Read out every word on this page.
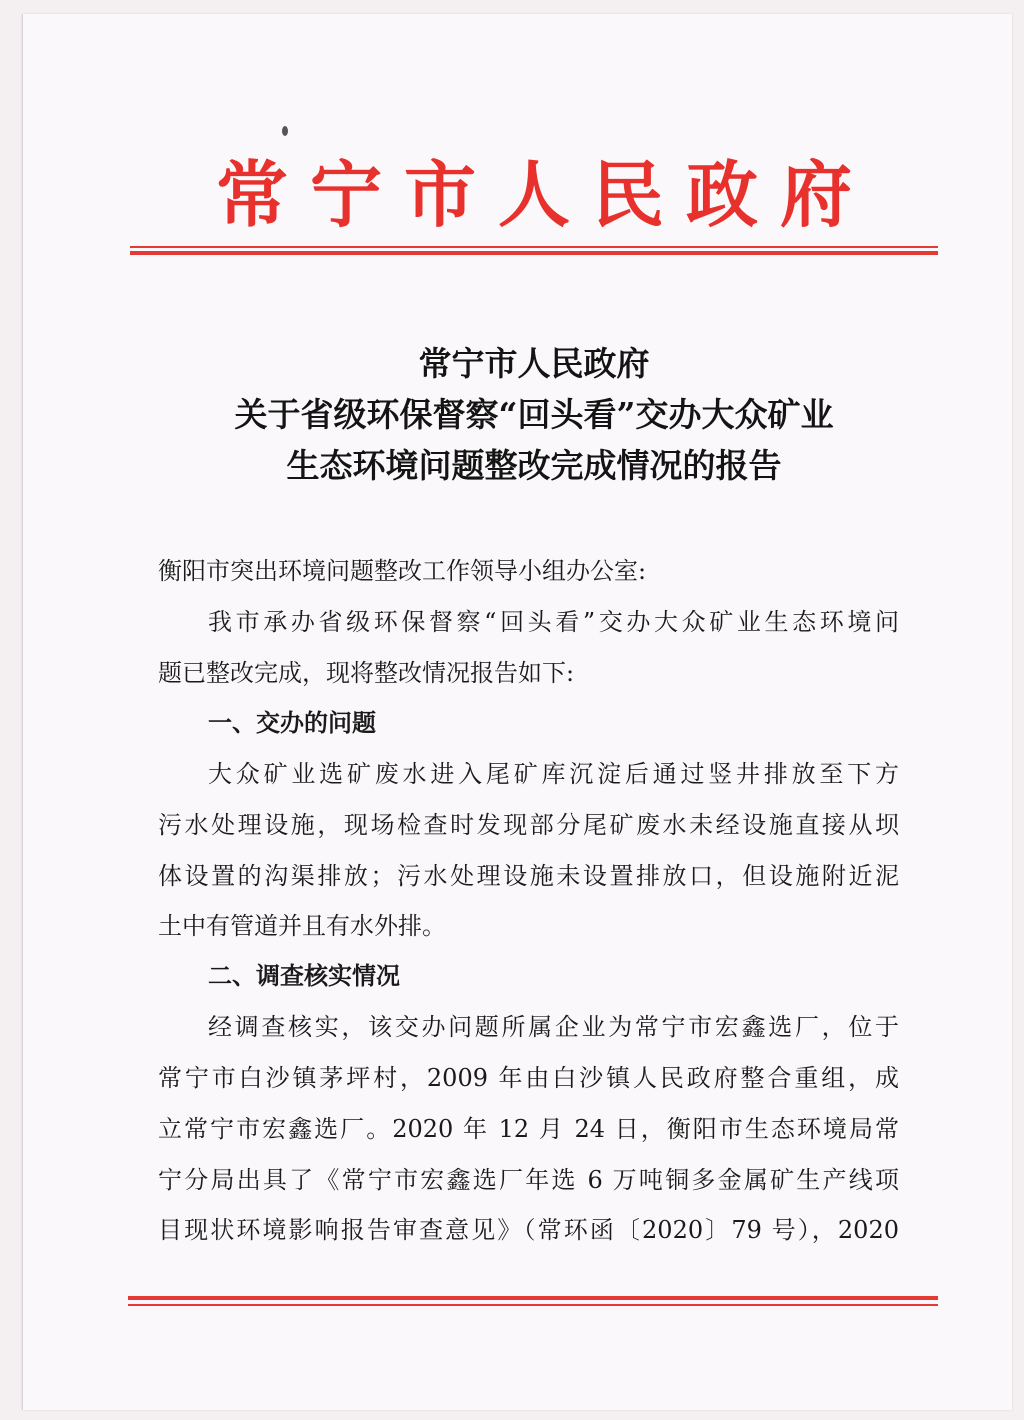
常宁市人民政府
常宁市人民政府
关于省级环保督察“回头看”交办大众矿业
生态环境问题整改完成情况的报告
衡阳市突出环境问题整改工作领导小组办公室:
我市承办省级环保督察“回头看”交办大众矿业生态环境问
题已整改完成，现将整改情况报告如下:
一、交办的问题
大众矿业选矿废水进入尾矿库沉淀后通过竖井排放至下方
污水处理设施，现场检查时发现部分尾矿废水未经设施直接从坝
体设置的沟渠排放；污水处理设施未设置排放口，但设施附近泥
土中有管道并且有水外排。
二、调查核实情况
经调查核实，该交办问题所属企业为常宁市宏鑫选厂，位于
常宁市白沙镇茅坪村，2009 年由白沙镇人民政府整合重组，成
立常宁市宏鑫选厂。2020 年 12 月 24 日，衡阳市生态环境局常
宁分局出具了《常宁市宏鑫选厂年选 6 万吨铜多金属矿生产线项
目现状环境影响报告审查意见》（常环函〔2020〕79 号），2020
